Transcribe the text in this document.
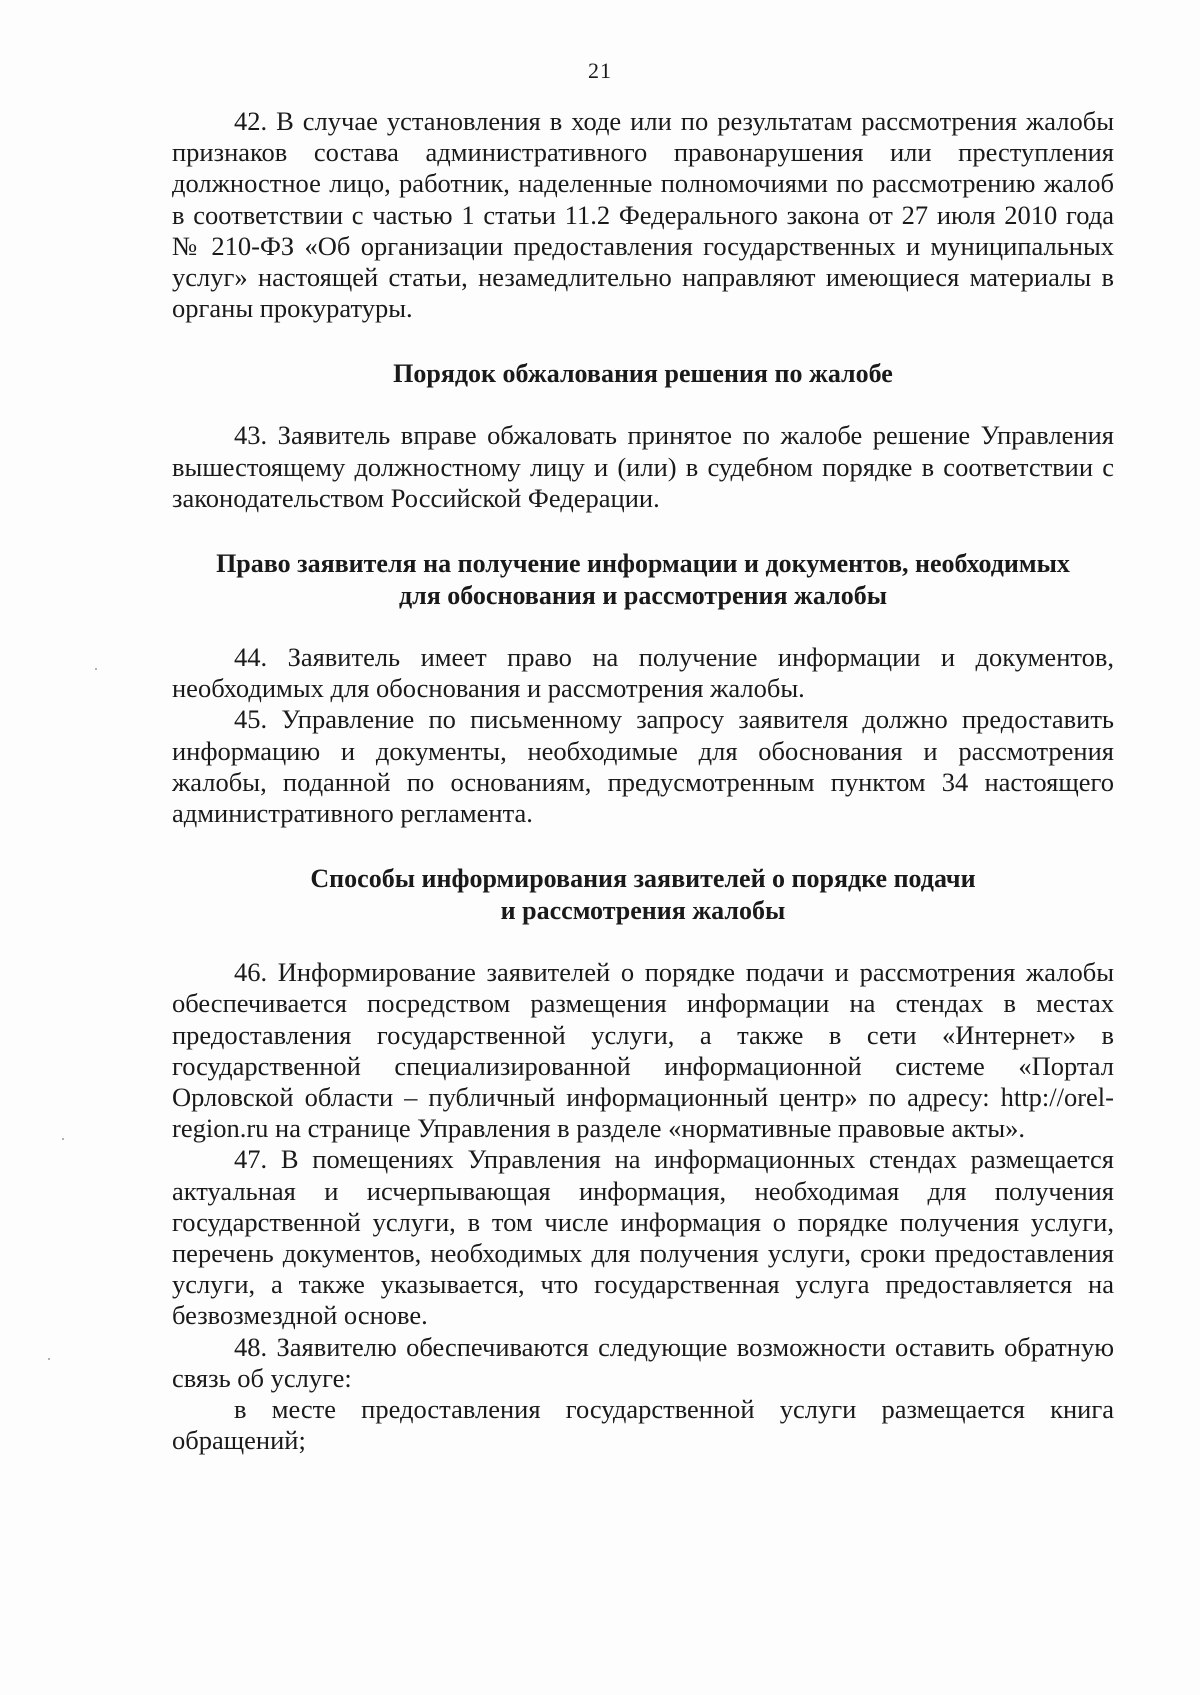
21

42. В случае установления в ходе или по результатам рассмотрения жалобы признаков состава административного правонарушения или преступления должностное лицо, работник, наделенные полномочиями по рассмотрению жалоб в соответствии с частью 1 статьи 11.2 Федерального закона от 27 июля 2010 года № 210-ФЗ «Об организации предоставления государственных и муниципальных услуг» настоящей статьи, незамедлительно направляют имеющиеся материалы в органы прокуратуры.

Порядок обжалования решения по жалобе

43. Заявитель вправе обжаловать принятое по жалобе решение Управления вышестоящему должностному лицу и (или) в судебном порядке в соответствии с законодательством Российской Федерации.

Право заявителя на получение информации и документов, необходимых
для обоснования и рассмотрения жалобы

44. Заявитель имеет право на получение информации и документов, необходимых для обоснования и рассмотрения жалобы.

45. Управление по письменному запросу заявителя должно предоставить информацию и документы, необходимые для обоснования и рассмотрения жалобы, поданной по основаниям, предусмотренным пунктом 34 настоящего административного регламента.

Способы информирования заявителей о порядке подачи
и рассмотрения жалобы

46. Информирование заявителей о порядке подачи и рассмотрения жалобы обеспечивается посредством размещения информации на стендах в местах предоставления государственной услуги, а также в сети «Интернет» в государственной специализированной информационной системе «Портал Орловской области – публичный информационный центр» по адресу: http://orel-region.ru на странице Управления в разделе «нормативные правовые акты».

47. В помещениях Управления на информационных стендах размещается актуальная и исчерпывающая информация, необходимая для получения государственной услуги, в том числе информация о порядке получения услуги, перечень документов, необходимых для получения услуги, сроки предоставления услуги, а также указывается, что государственная услуга предоставляется на безвозмездной основе.

48. Заявителю обеспечиваются следующие возможности оставить обратную связь об услуге:

в месте предоставления государственной услуги размещается книга обращений;
